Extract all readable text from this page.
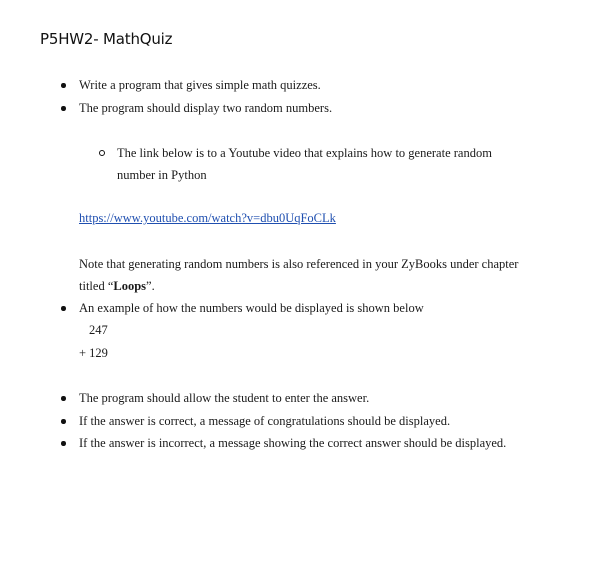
P5HW2- MathQuiz
Write a program that gives simple math quizzes.
The program should display two random numbers.
The link below is to a Youtube video that explains how to generate random
number in Python
https://www.youtube.com/watch?v=dbu0UqFoCLk
Note that generating random numbers is also referenced in your ZyBooks under chapter
titled “Loops”.
An example of how the numbers would be displayed is shown below
247
+ 129
The program should allow the student to enter the answer.
If the answer is correct, a message of congratulations should be displayed.
If the answer is incorrect, a message showing the correct answer should be displayed.
